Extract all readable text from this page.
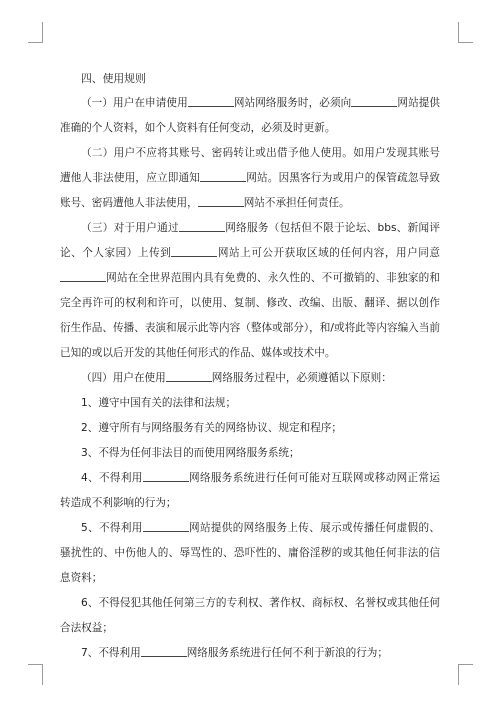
四、使用规则

（一）用户在申请使用	网站网络服务时，必须向	网站提供准确的个人资料，如个人资料有任何变动，必须及时更新。

（二）用户不应将其账号、密码转让或出借予他人使用。如用户发现其账号遭他人非法使用，应立即通知	网站。因黑客行为或用户的保管疏忽导致账号、密码遭他人非法使用，	网站不承担任何责任。

（三）对于用户通过	网络服务（包括但不限于论坛、bbs、新闻评论、个人家园）上传到	网站上可公开获取区域的任何内容，用户同意网站在全世界范围内具有免费的、永久性的、不可撤销的、非独家的和完全再许可的权利和许可，以使用、复制、修改、改编、出版、翻译、据以创作衍生作品、传播、表演和展示此等内容（整体或部分），和/或将此等内容编入当前已知的或以后开发的其他任何形式的作品、媒体或技术中。

（四）用户在使用	网络服务过程中，必须遵循以下原则：

1、遵守中国有关的法律和法规；

2、遵守所有与网络服务有关的网络协议、规定和程序；

3、不得为任何非法目的而使用网络服务系统；

4、不得利用	网络服务系统进行任何可能对互联网或移动网正常运转造成不利影响的行为；

5、不得利用	网站提供的网络服务上传、展示或传播任何虚假的、骚扰性的、中伤他人的、辱骂性的、恐吓性的、庸俗淫秽的或其他任何非法的信息资料；

6、不得侵犯其他任何第三方的专利权、著作权、商标权、名誉权或其他任何合法权益；

7、不得利用	网络服务系统进行任何不利于新浪的行为；
